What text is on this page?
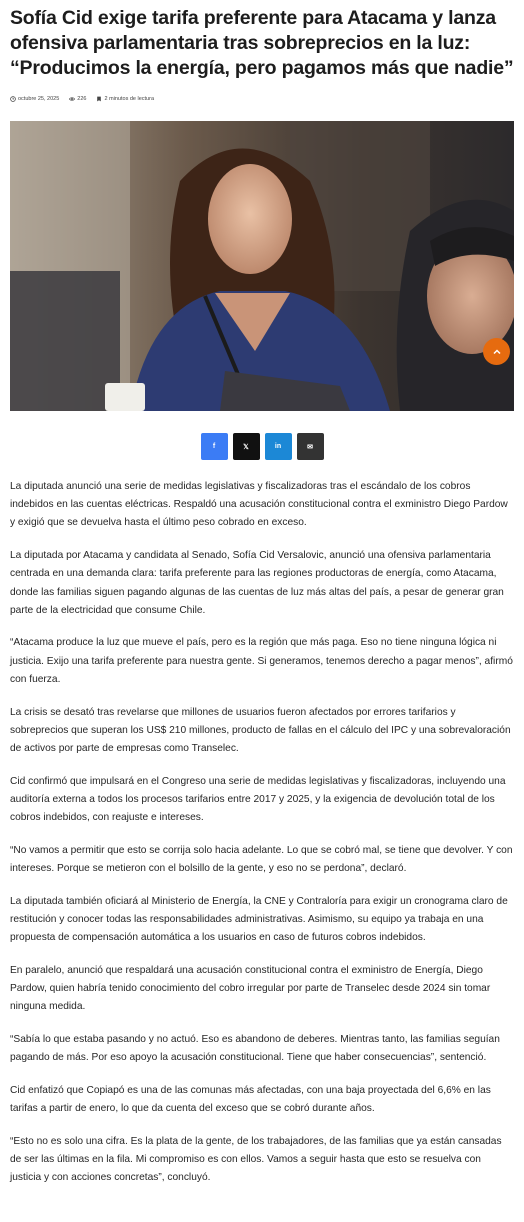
Sofía Cid exige tarifa preferente para Atacama y lanza ofensiva parlamentaria tras sobreprecios en la luz: “Producimos la energía, pero pagamos más que nadie”
octubre 25, 2025	226	2 minutos de lectura
f	𝕏	in	✉

La diputada anunció una serie de medidas legislativas y fiscalizadoras tras el escándalo de los cobros indebidos en las cuentas eléctricas. Respaldó una acusación constitucional contra el exministro Diego Pardow y exigió que se devuelva hasta el último peso cobrado en exceso.

La diputada por Atacama y candidata al Senado, Sofía Cid Versalovic, anunció una ofensiva parlamentaria centrada en una demanda clara: tarifa preferente para las regiones productoras de energía, como Atacama, donde las familias siguen pagando algunas de las cuentas de luz más altas del país, a pesar de generar gran parte de la electricidad que consume Chile.

“Atacama produce la luz que mueve el país, pero es la región que más paga. Eso no tiene ninguna lógica ni justicia. Exijo una tarifa preferente para nuestra gente. Si generamos, tenemos derecho a pagar menos”, afirmó con fuerza.

La crisis se desató tras revelarse que millones de usuarios fueron afectados por errores tarifarios y sobreprecios que superan los US$ 210 millones, producto de fallas en el cálculo del IPC y una sobrevaloración de activos por parte de empresas como Transelec.

Cid confirmó que impulsará en el Congreso una serie de medidas legislativas y fiscalizadoras, incluyendo una auditoría externa a todos los procesos tarifarios entre 2017 y 2025, y la exigencia de devolución total de los cobros indebidos, con reajuste e intereses.

“No vamos a permitir que esto se corrija solo hacia adelante. Lo que se cobró mal, se tiene que devolver. Y con intereses. Porque se metieron con el bolsillo de la gente, y eso no se perdona”, declaró.

La diputada también oficiará al Ministerio de Energía, la CNE y Contraloría para exigir un cronograma claro de restitución y conocer todas las responsabilidades administrativas. Asimismo, su equipo ya trabaja en una propuesta de compensación automática a los usuarios en caso de futuros cobros indebidos.

En paralelo, anunció que respaldará una acusación constitucional contra el exministro de Energía, Diego Pardow, quien habría tenido conocimiento del cobro irregular por parte de Transelec desde 2024 sin tomar ninguna medida.

“Sabía lo que estaba pasando y no actuó. Eso es abandono de deberes. Mientras tanto, las familias seguían pagando de más. Por eso apoyo la acusación constitucional. Tiene que haber consecuencias”, sentenció.

Cid enfatizó que Copiapó es una de las comunas más afectadas, con una baja proyectada del 6,6% en las tarifas a partir de enero, lo que da cuenta del exceso que se cobró durante años.

“Esto no es solo una cifra. Es la plata de la gente, de los trabajadores, de las familias que ya están cansadas de ser las últimas en la fila. Mi compromiso es con ellos. Vamos a seguir hasta que esto se resuelva con justicia y con acciones concretas”, concluyó.
